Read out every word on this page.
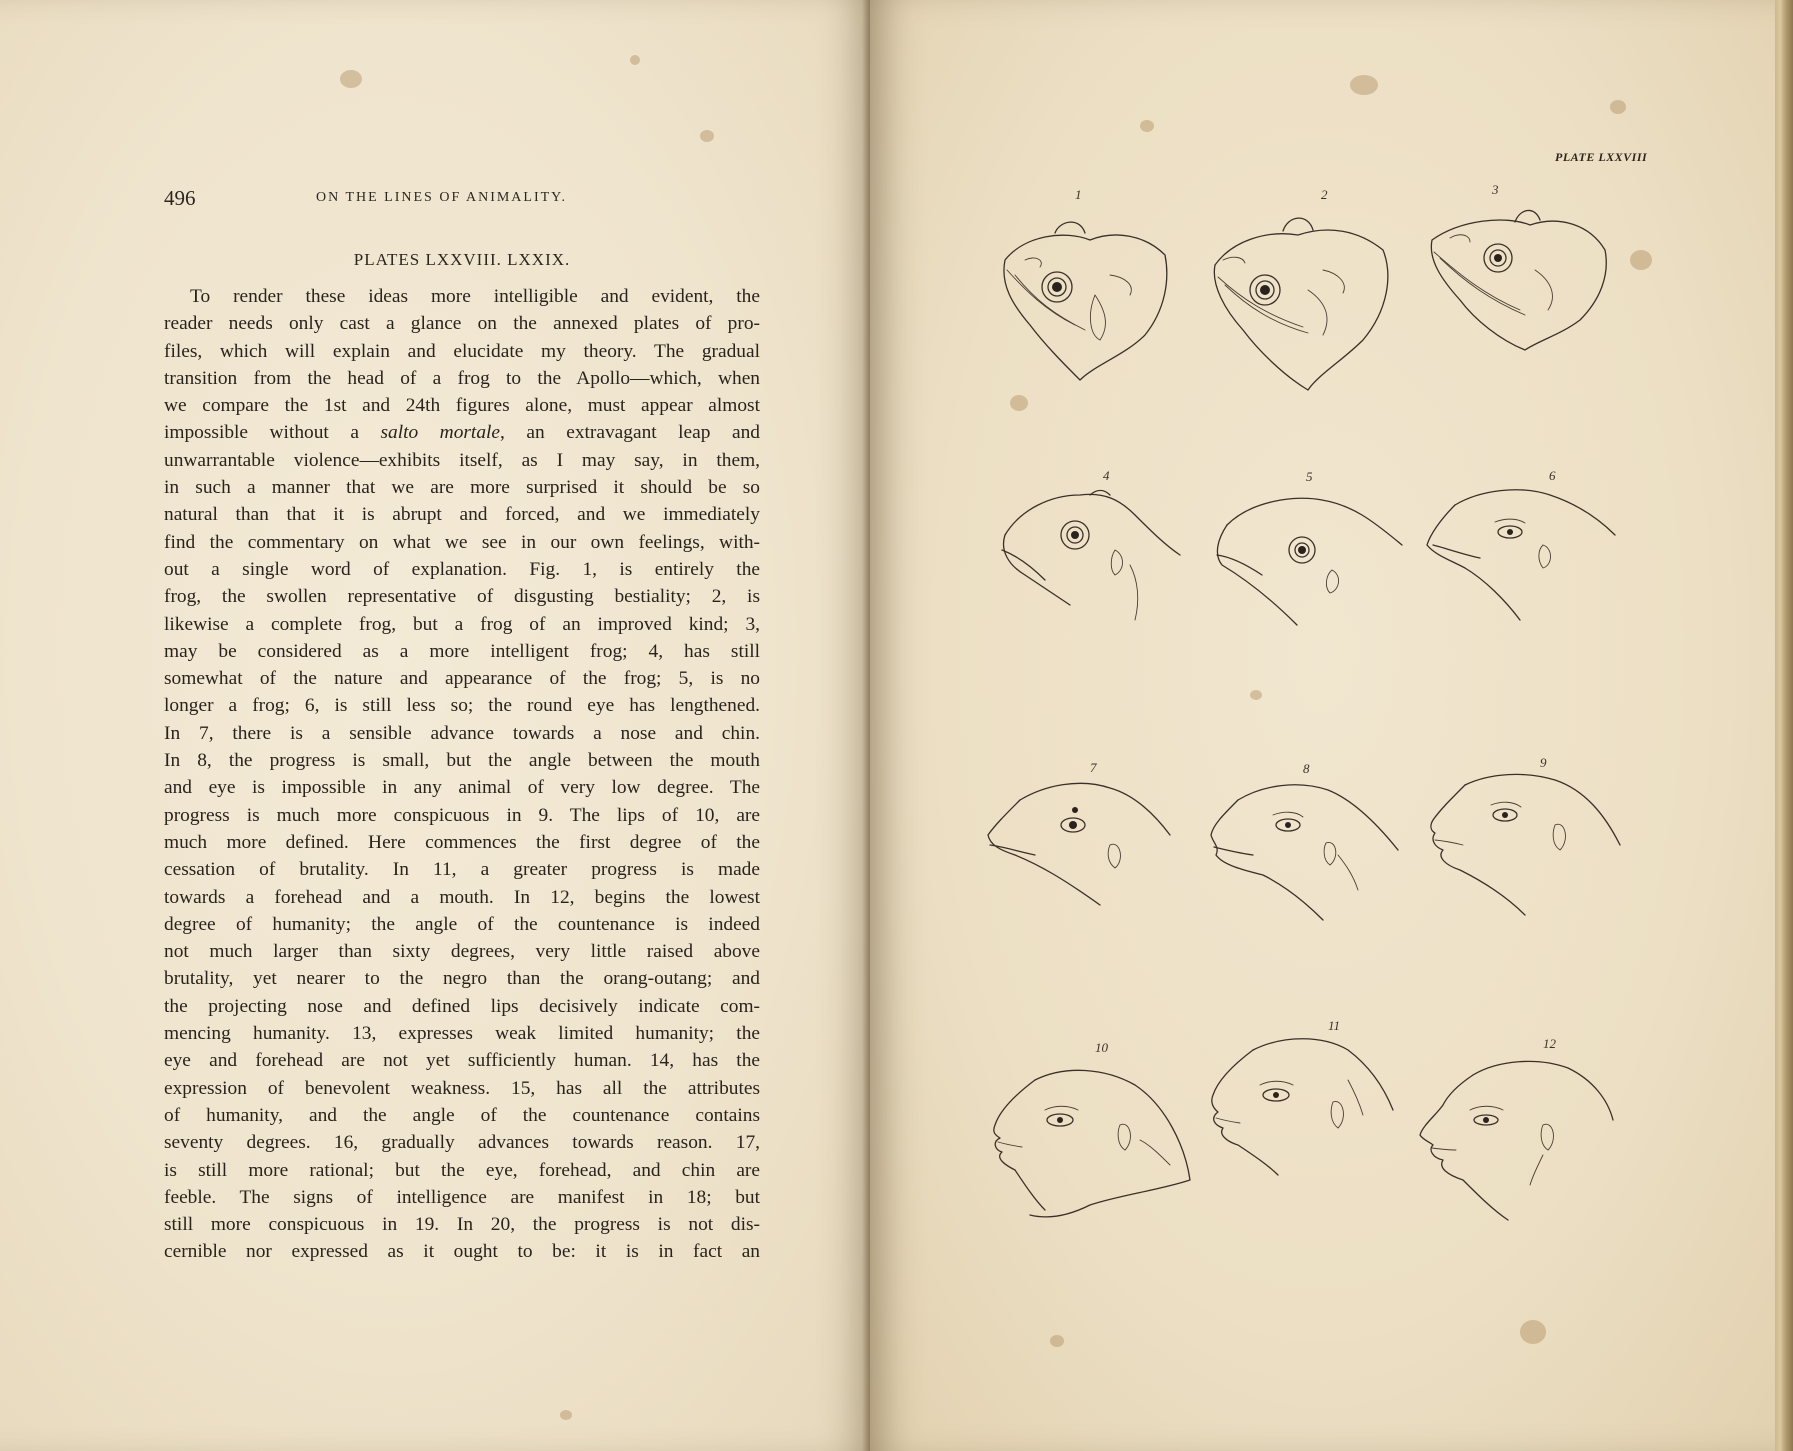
496	ON THE LINES OF ANIMALITY.
PLATES LXXVIII. LXXIX.
To render these ideas more intelligible and evident, the
reader needs only cast a glance on the annexed plates of pro-
files, which will explain and elucidate my theory. The gradual
transition from the head of a frog to the Apollo—which, when
we compare the 1st and 24th figures alone, must appear almost
impossible without a salto mortale, an extravagant leap and
unwarrantable violence—exhibits itself, as I may say, in them,
in such a manner that we are more surprised it should be so
natural than that it is abrupt and forced, and we immediately
find the commentary on what we see in our own feelings, with-
out a single word of explanation. Fig. 1, is entirely the
frog, the swollen representative of disgusting bestiality; 2, is
likewise a complete frog, but a frog of an improved kind; 3,
may be considered as a more intelligent frog; 4, has still
somewhat of the nature and appearance of the frog; 5, is no
longer a frog; 6, is still less so; the round eye has lengthened.
In 7, there is a sensible advance towards a nose and chin.
In 8, the progress is small, but the angle between the mouth
and eye is impossible in any animal of very low degree. The
progress is much more conspicuous in 9. The lips of 10, are
much more defined. Here commences the first degree of the
cessation of brutality. In 11, a greater progress is made
towards a forehead and a mouth. In 12, begins the lowest
degree of humanity; the angle of the countenance is indeed
not much larger than sixty degrees, very little raised above
brutality, yet nearer to the negro than the orang-outang; and
the projecting nose and defined lips decisively indicate com-
mencing humanity. 13, expresses weak limited humanity; the
eye and forehead are not yet sufficiently human. 14, has the
expression of benevolent weakness. 15, has all the attributes
of humanity, and the angle of the countenance contains
seventy degrees. 16, gradually advances towards reason. 17,
is still more rational; but the eye, forehead, and chin are
feeble. The signs of intelligence are manifest in 18; but
still more conspicuous in 19. In 20, the progress is not dis-
cernible nor expressed as it ought to be: it is in fact an
PLATE LXXVIII
1	2	3
4	5	6
7	8	9
10
11
12
